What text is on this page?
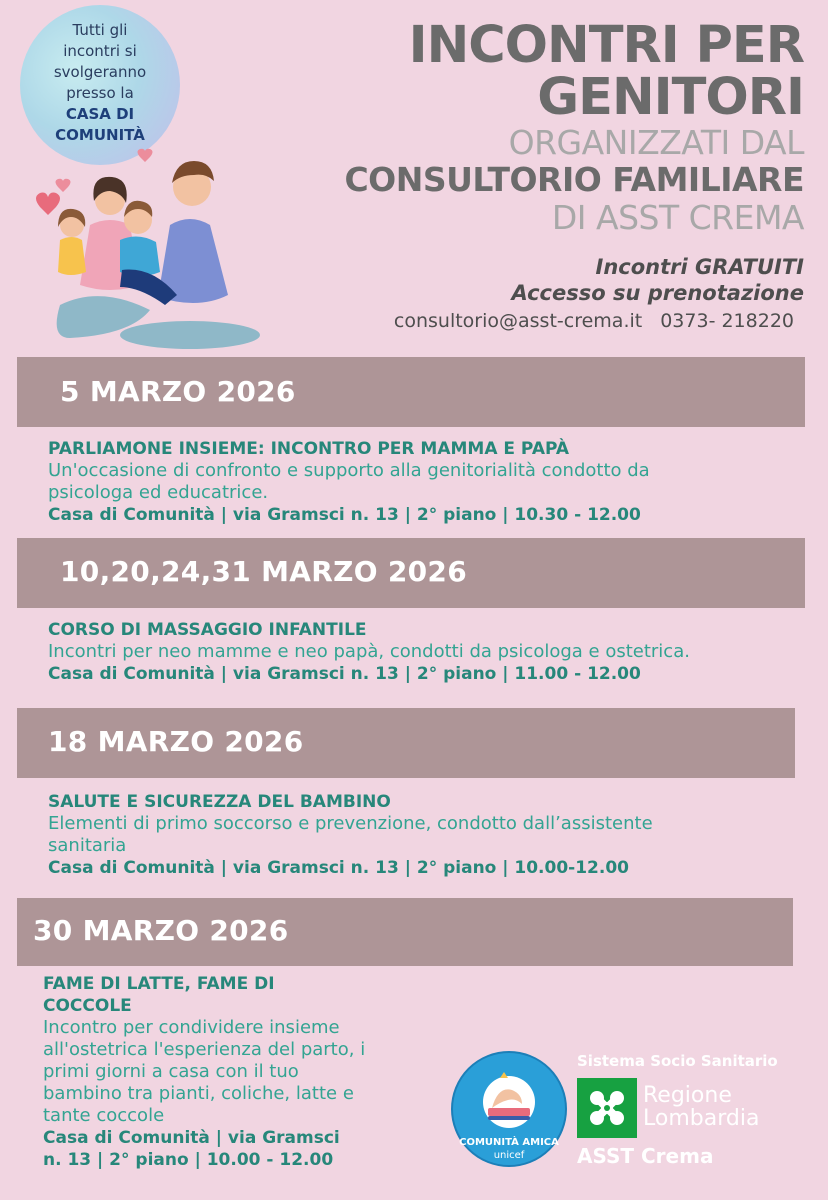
Tutti gli
incontri si
svolgeranno
presso la
CASA DI
COMUNITÀ
INCONTRI PER
GENITORI
ORGANIZZATI DAL
CONSULTORIO FAMILIARE
DI ASST CREMA
Incontri GRATUITI
Accesso su prenotazione
consultorio@asst-crema.it 0373- 218220
5 MARZO 2026
PARLIAMONE INSIEME: INCONTRO PER MAMMA E PAPÀ
Un'occasione di confronto e supporto alla genitorialità condotto da
psicologa ed educatrice.
Casa di Comunità | via Gramsci n. 13 | 2° piano | 10.30 - 12.00
10,20,24,31 MARZO 2026
CORSO DI MASSAGGIO INFANTILE
Incontri per neo mamme e neo papà, condotti da psicologa e ostetrica.
Casa di Comunità | via Gramsci n. 13 | 2° piano | 11.00 - 12.00
18 MARZO 2026
SALUTE E SICUREZZA DEL BAMBINO
Elementi di primo soccorso e prevenzione, condotto dall’assistente
sanitaria
Casa di Comunità | via Gramsci n. 13 | 2° piano | 10.00-12.00
30 MARZO 2026
FAME DI LATTE, FAME DI
COCCOLE
Incontro per condividere insieme
all'ostetrica l'esperienza del parto, i
primi giorni a casa con il tuo
bambino tra pianti, coliche, latte e
tante coccole
Casa di Comunità | via Gramsci
n. 13 | 2° piano | 10.00 - 12.00
COMUNITÀ AMICA
unicef
Sistema Socio Sanitario
Regione
Lombardia
ASST Crema
